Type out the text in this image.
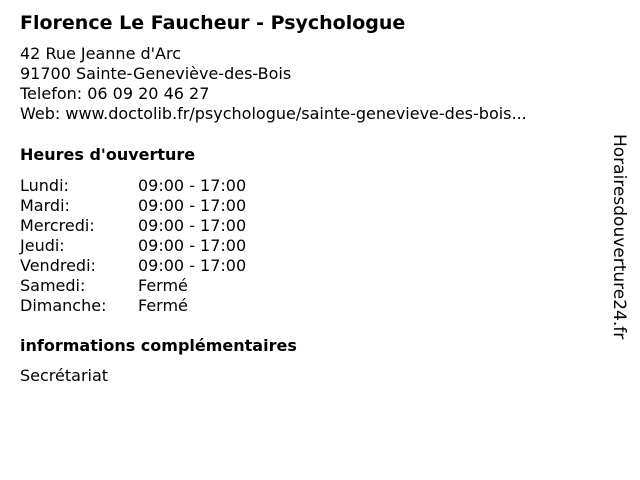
Florence Le Faucheur - Psychologue
42 Rue Jeanne d'Arc
91700 Sainte-Geneviève-des-Bois
Telefon: 06 09 20 46 27
Web: www.doctolib.fr/psychologue/sainte-genevieve-des-bois...
Heures d'ouverture
Lundi:	09:00 - 17:00
Mardi:	09:00 - 17:00
Mercredi:	09:00 - 17:00
Jeudi:	09:00 - 17:00
Vendredi:	09:00 - 17:00
Samedi:	Fermé
Dimanche:	Fermé
informations complémentaires
Secrétariat
Horairesdouverture24.fr
